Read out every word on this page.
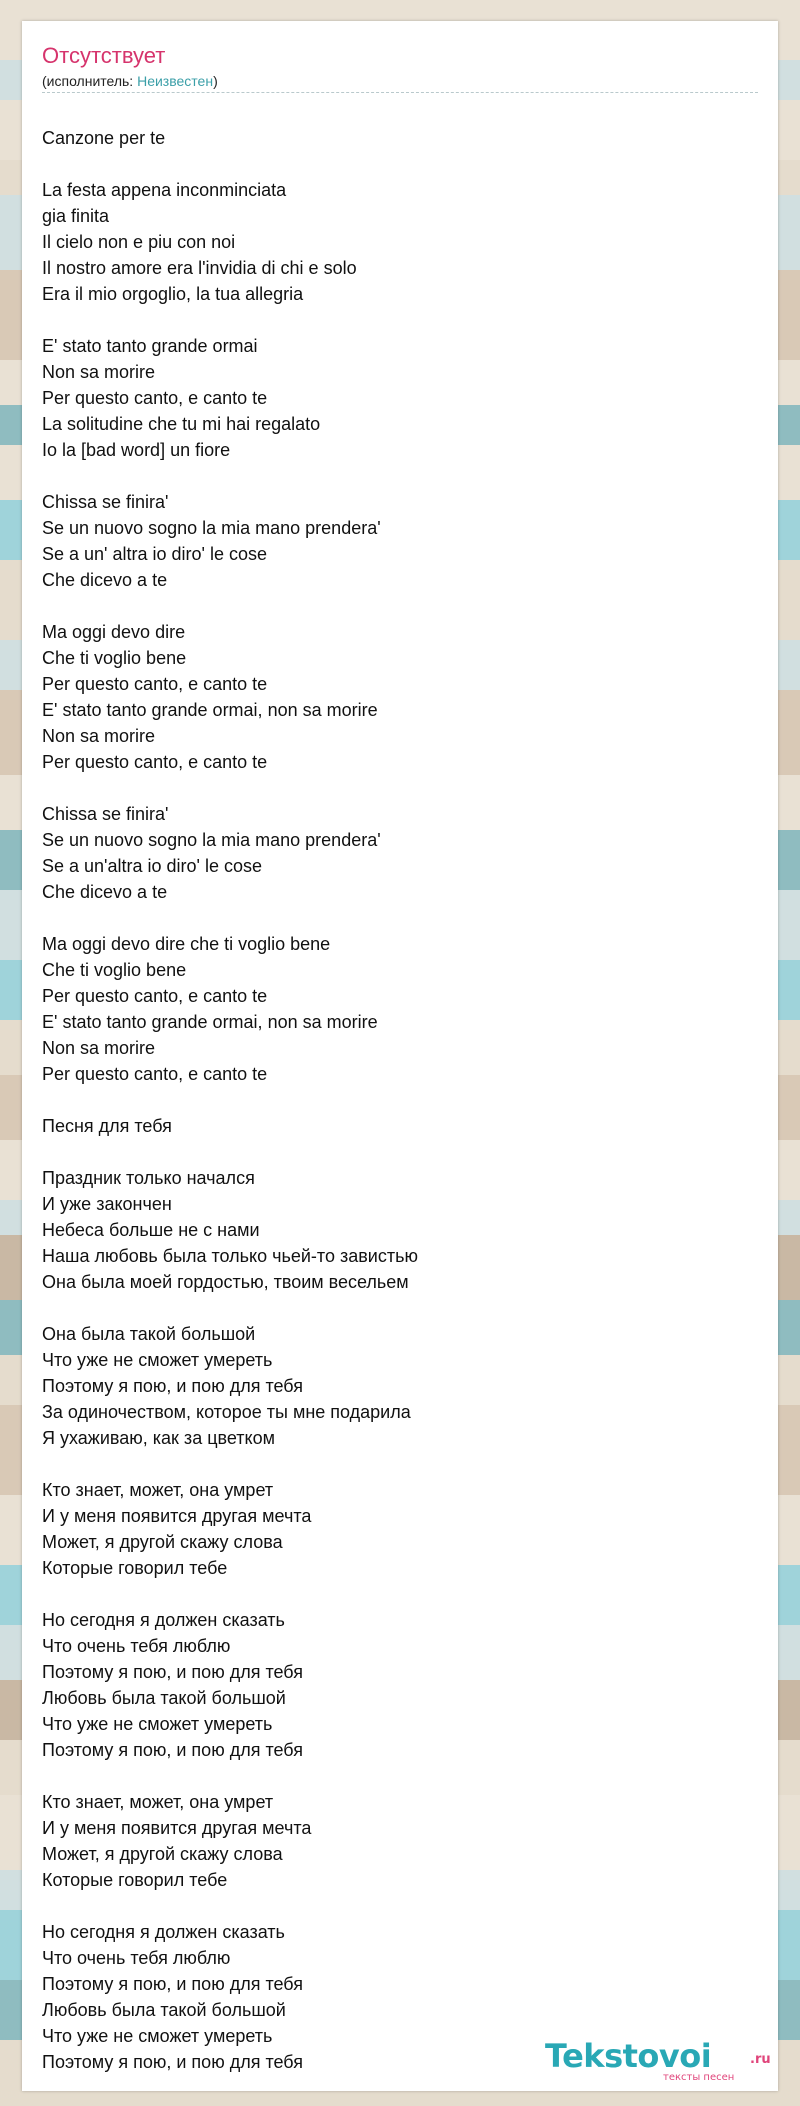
Отсутствует
(исполнитель: Неизвестен)
Canzone per te
La festa appena inconminciata
gia finita
Il cielo non e piu con noi
Il nostro amore era l'invidia di chi e solo
Era il mio orgoglio, la tua allegria
E' stato tanto grande ormai
Non sa morire
Per questo canto, e canto te
La solitudine che tu mi hai regalato
Io la [bad word] un fiore
Chissa se finira'
Se un nuovo sogno la mia mano prendera'
Se a un' altra io diro' le cose
Che dicevo a te
Ma oggi devo dire
Che ti voglio bene
Per questo canto, e canto te
E' stato tanto grande ormai, non sa morire
Non sa morire
Per questo canto, e canto te
Chissa se finira'
Se un nuovo sogno la mia mano prendera'
Se a un'altra io diro' le cose
Che dicevo a te
Ma oggi devo dire che ti voglio bene
Che ti voglio bene
Per questo canto, e canto te
E' stato tanto grande ormai, non sa morire
Non sa morire
Per questo canto, e canto te
Песня для тебя
Праздник только начался
И уже закончен
Небеса больше не с нами
Наша любовь была только чьей-то завистью
Она была моей гордостью, твоим весельем
Она была такой большой
Что уже не сможет умереть
Поэтому я пою, и пою для тебя
За одиночеством, которое ты мне подарила
Я ухаживаю, как за цветком
Кто знает, может, она умрет
И у меня появится другая мечта
Может, я другой скажу слова
Которые говорил тебе
Но сегодня я должен сказать
Что очень тебя люблю
Поэтому я пою, и пою для тебя
Любовь была такой большой
Что уже не сможет умереть
Поэтому я пою, и пою для тебя
Кто знает, может, она умрет
И у меня появится другая мечта
Может, я другой скажу слова
Которые говорил тебе
Но сегодня я должен сказать
Что очень тебя люблю
Поэтому я пою, и пою для тебя
Любовь была такой большой
Что уже не сможет умереть
Поэтому я пою, и пою для тебя	Tekstovoi	.ru
тексты песен
